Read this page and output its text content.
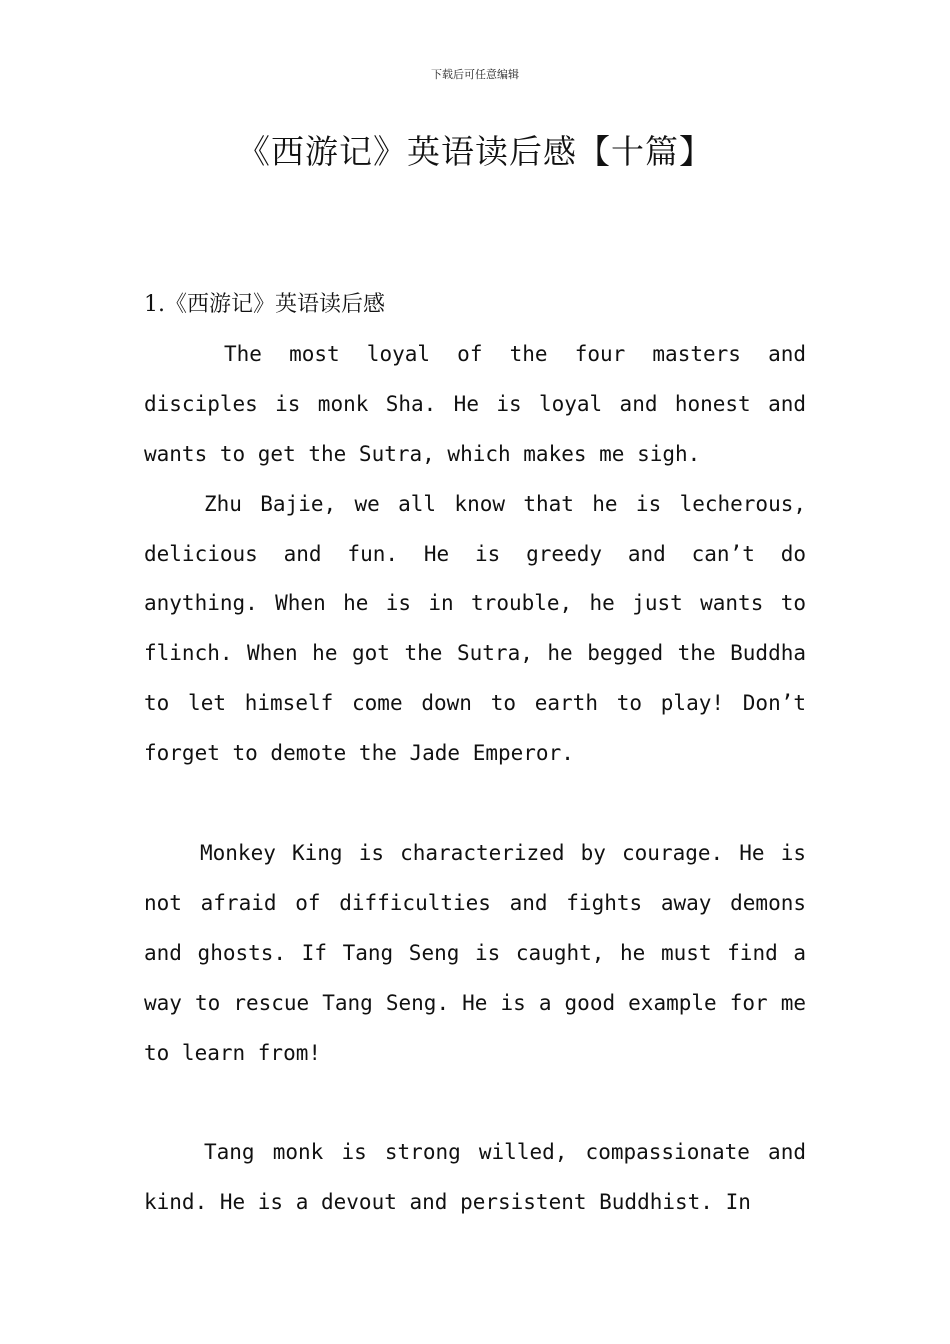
下载后可任意编辑
《西游记》英语读后感【十篇】

1.《西游记》英语读后感

The most loyal of the four masters and disciples is monk Sha. He is loyal and honest and wants to get the Sutra, which makes me sigh.

Zhu Bajie, we all know that he is lecherous, delicious and fun. He is greedy and can’t do anything. When he is in trouble, he just wants to flinch. When he got the Sutra, he begged the Buddha to let himself come down to earth to play! Don’t forget to demote the Jade Emperor.

Monkey King is characterized by courage. He is not afraid of difficulties and fights away demons and ghosts. If Tang Seng is caught, he must find a way to rescue Tang Seng. He is a good example for me to learn from!

Tang monk is strong willed, compassionate and kind. He is a devout and persistent Buddhist. In
